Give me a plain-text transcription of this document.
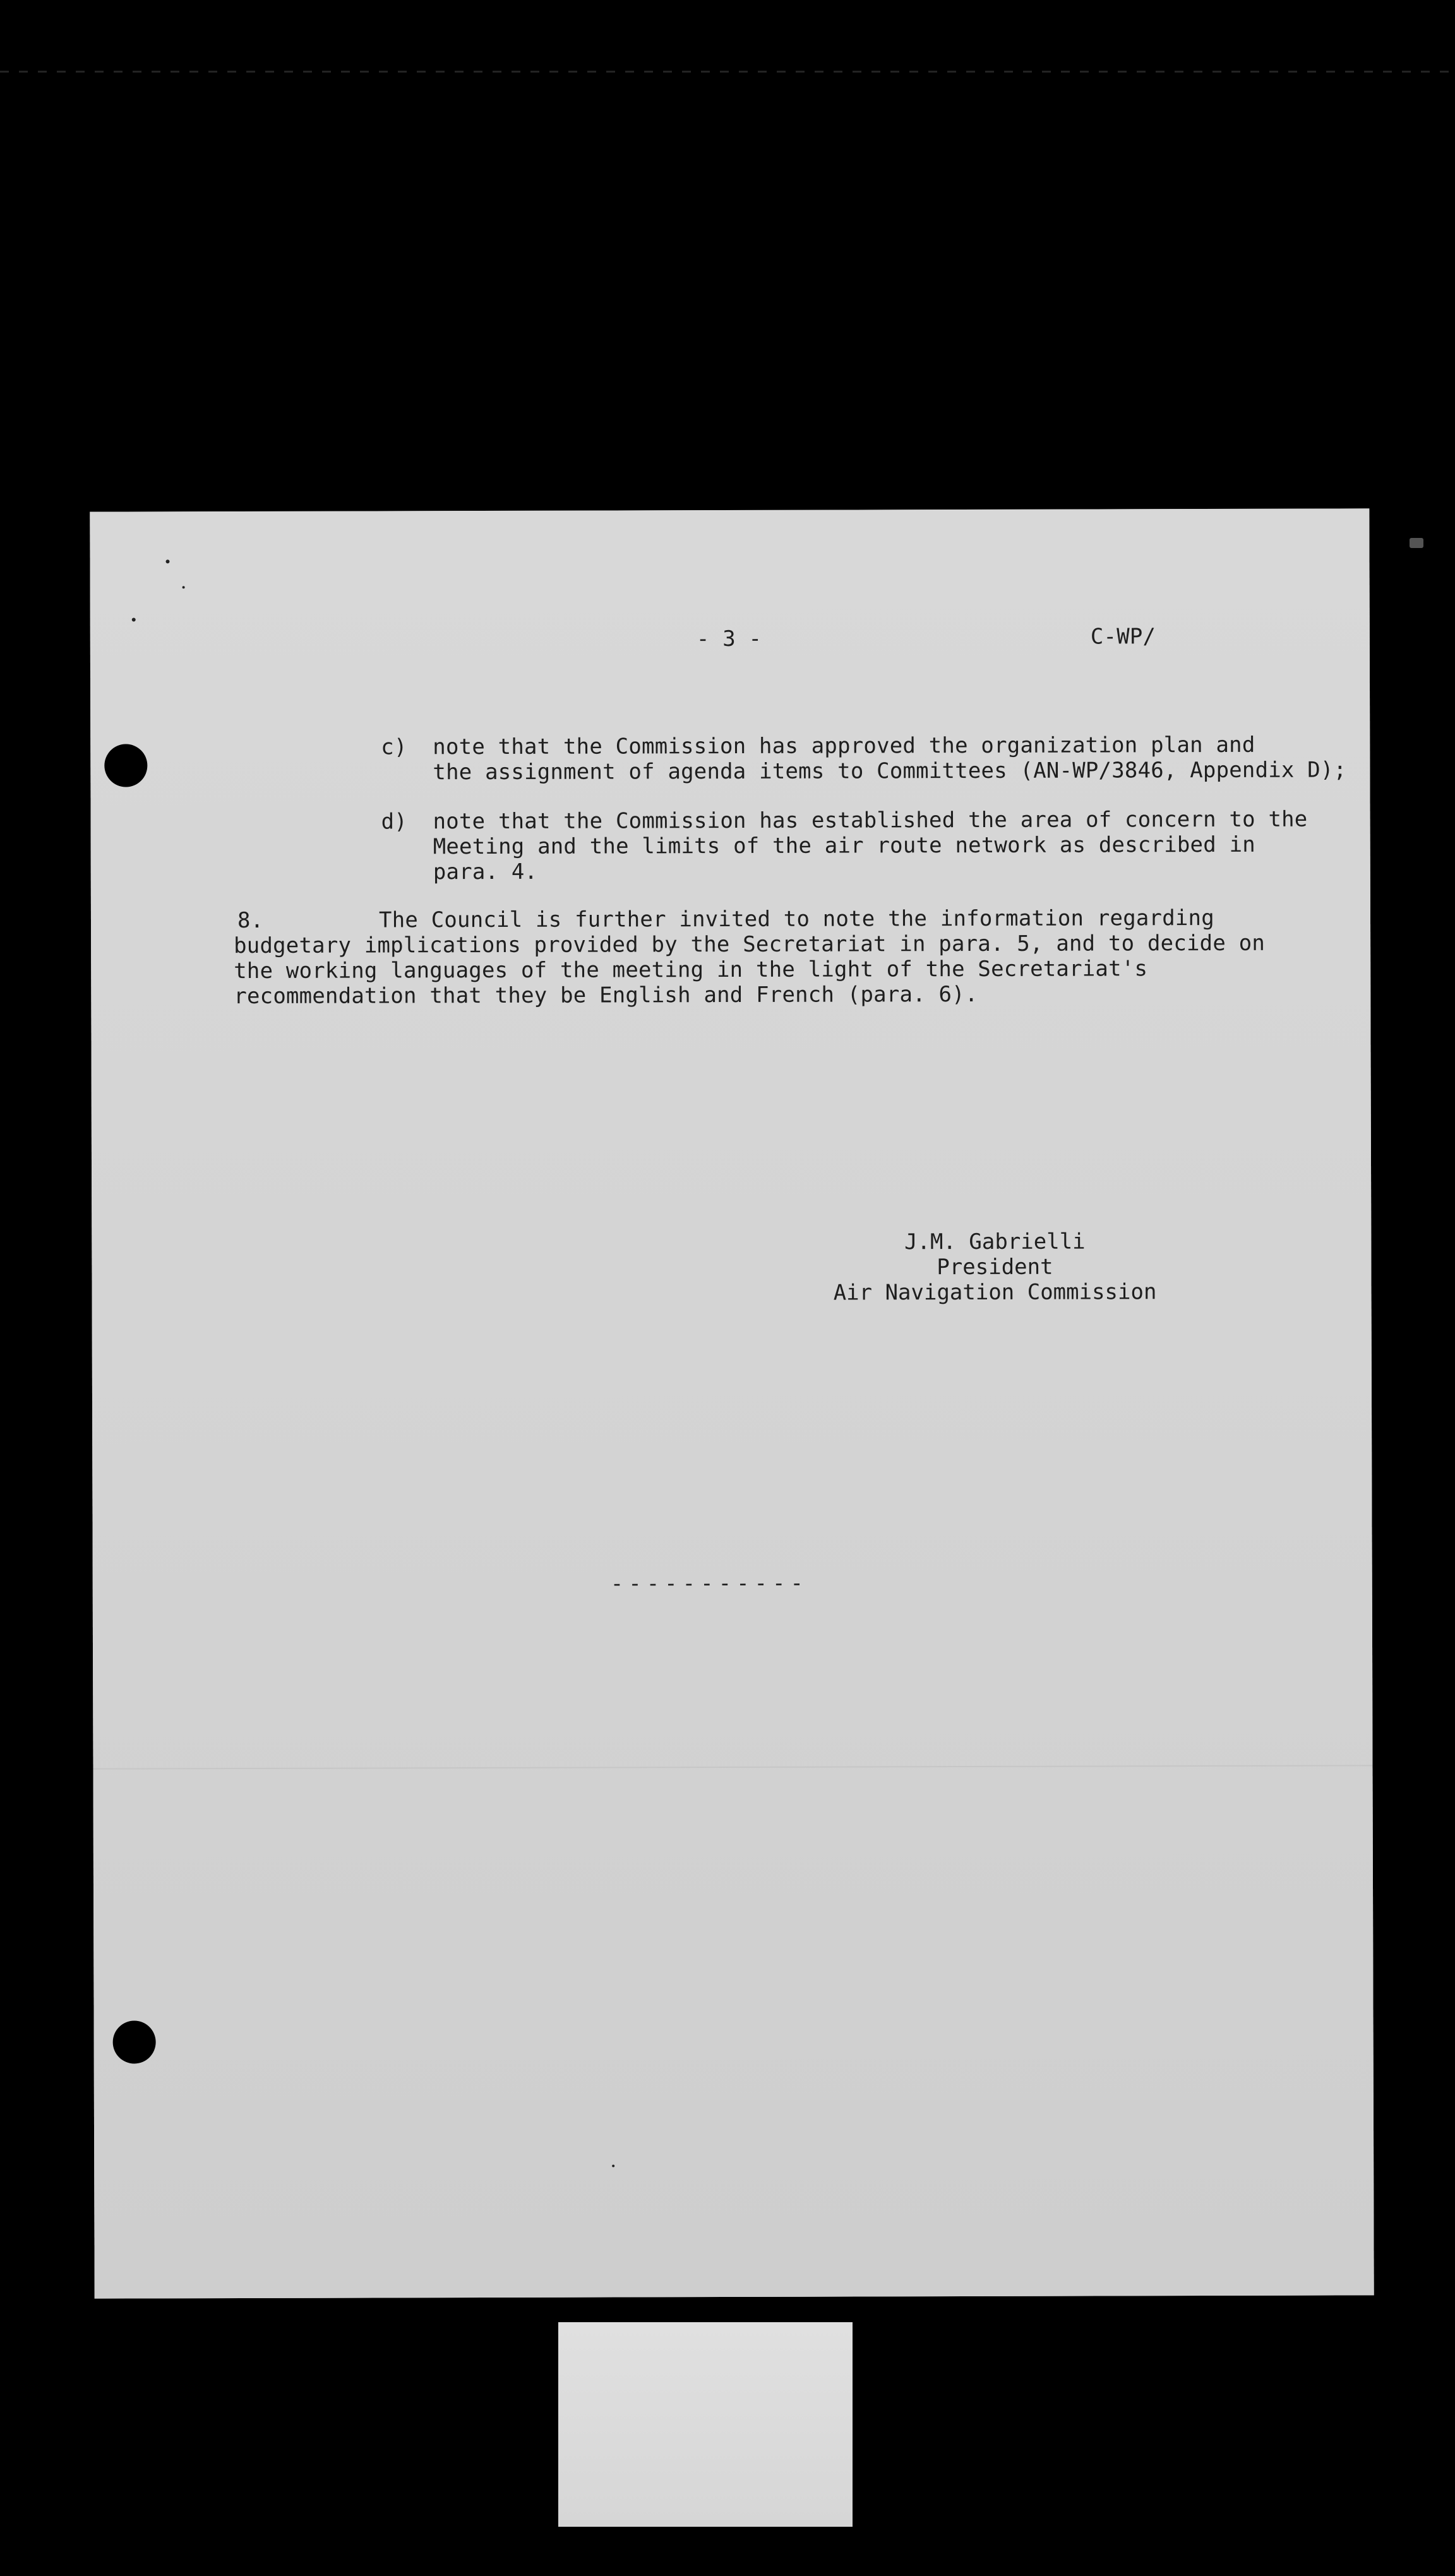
- 3 -	C-WP/
c) note that the Commission has approved the organization plan and
the assignment of agenda items to Committees (AN-WP/3846, Appendix D);
d) note that the Commission has established the area of concern to the
Meeting and the limits of the air route network as described in
para. 4.
8.	The Council is further invited to note the information regarding
budgetary implications provided by the Secretariat in para. 5, and to decide on
the working languages of the meeting in the light of the Secretariat's
recommendation that they be English and French (para. 6).
J.M. Gabrielli
President
Air Navigation Commission
-----------
